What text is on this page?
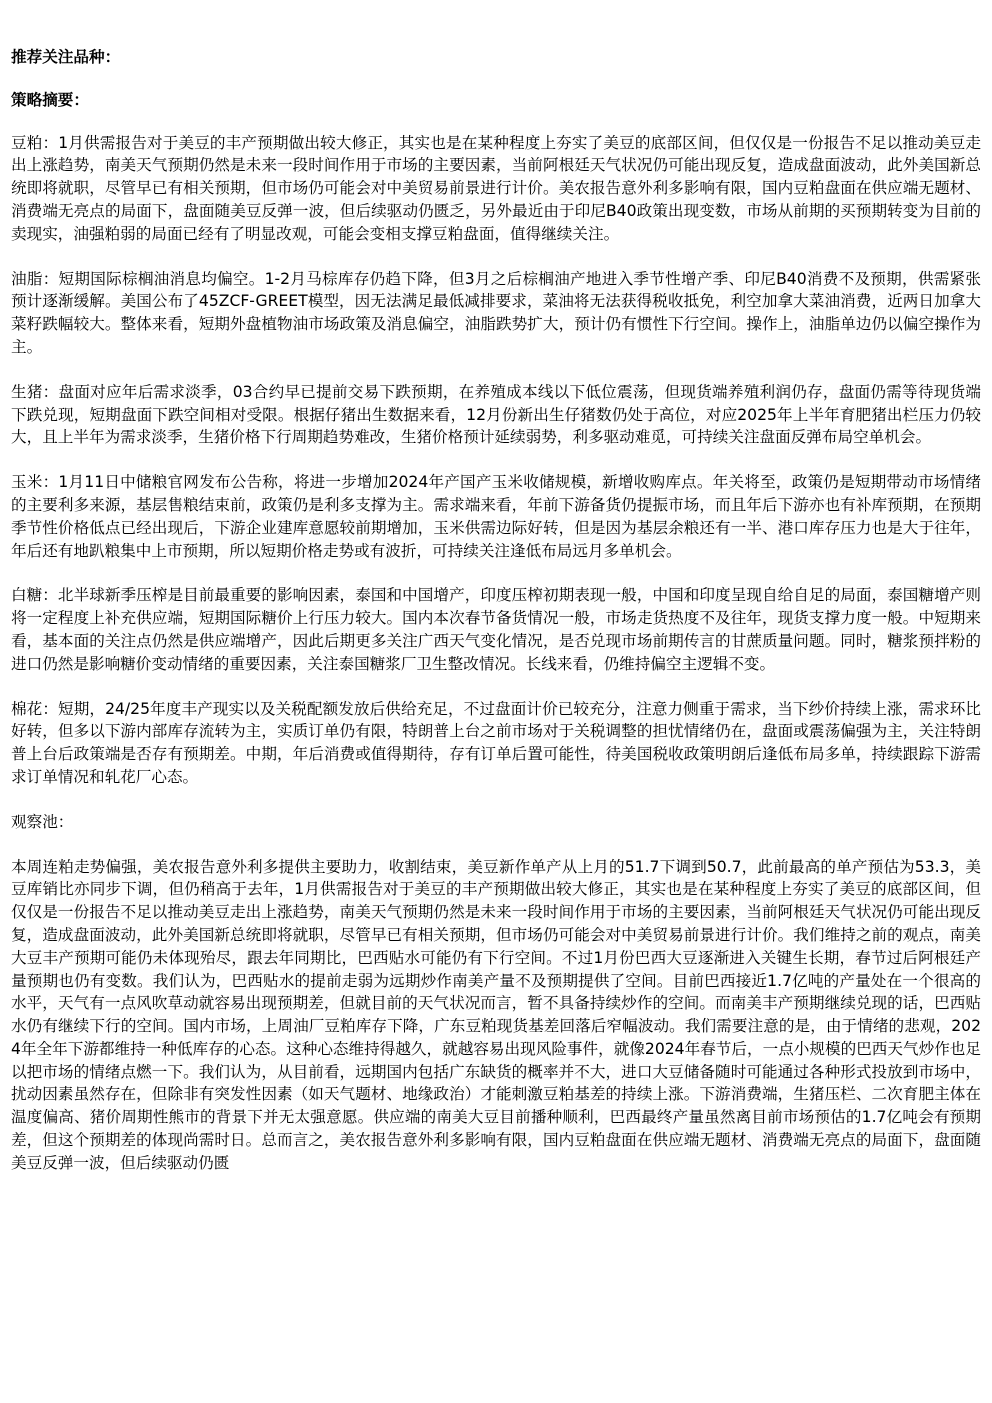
推荐关注品种：

策略摘要：

豆粕：1月供需报告对于美豆的丰产预期做出较大修正，其实也是在某种程度上夯实了美豆的底部区间，但仅仅是一份报告不足以推动美豆走出上涨趋势，南美天气预期仍然是未来一段时间作用于市场的主要因素，当前阿根廷天气状况仍可能出现反复，造成盘面波动，此外美国新总统即将就职，尽管早已有相关预期，但市场仍可能会对中美贸易前景进行计价。美农报告意外利多影响有限，国内豆粕盘面在供应端无题材、消费端无亮点的局面下，盘面随美豆反弹一波，但后续驱动仍匮乏，另外最近由于印尼B40政策出现变数，市场从前期的买预期转变为目前的卖现实，油强粕弱的局面已经有了明显改观，可能会变相支撑豆粕盘面，值得继续关注。

油脂：短期国际棕榈油消息均偏空。1-2月马棕库存仍趋下降，但3月之后棕榈油产地进入季节性增产季、印尼B40消费不及预期，供需紧张预计逐渐缓解。美国公布了45ZCF-GREET模型，因无法满足最低减排要求，菜油将无法获得税收抵免，利空加拿大菜油消费，近两日加拿大菜籽跌幅较大。整体来看，短期外盘植物油市场政策及消息偏空，油脂跌势扩大，预计仍有惯性下行空间。操作上，油脂单边仍以偏空操作为主。

生猪：盘面对应年后需求淡季，03合约早已提前交易下跌预期，在养殖成本线以下低位震荡，但现货端养殖利润仍存，盘面仍需等待现货端下跌兑现，短期盘面下跌空间相对受限。根据仔猪出生数据来看，12月份新出生仔猪数仍处于高位，对应2025年上半年育肥猪出栏压力仍较大，且上半年为需求淡季，生猪价格下行周期趋势难改，生猪价格预计延续弱势，利多驱动难觅，可持续关注盘面反弹布局空单机会。

玉米：1月11日中储粮官网发布公告称，将进一步增加2024年产国产玉米收储规模，新增收购库点。年关将至，政策仍是短期带动市场情绪的主要利多来源，基层售粮结束前，政策仍是利多支撑为主。需求端来看，年前下游备货仍提振市场，而且年后下游亦也有补库预期，在预期季节性价格低点已经出现后，下游企业建库意愿较前期增加，玉米供需边际好转，但是因为基层余粮还有一半、港口库存压力也是大于往年，年后还有地趴粮集中上市预期，所以短期价格走势或有波折，可持续关注逢低布局远月多单机会。

白糖：北半球新季压榨是目前最重要的影响因素，泰国和中国增产，印度压榨初期表现一般，中国和印度呈现自给自足的局面，泰国糖增产则将一定程度上补充供应端，短期国际糖价上行压力较大。国内本次春节备货情况一般，市场走货热度不及往年，现货支撑力度一般。中短期来看，基本面的关注点仍然是供应端增产，因此后期更多关注广西天气变化情况，是否兑现市场前期传言的甘蔗质量问题。同时，糖浆预拌粉的进口仍然是影响糖价变动情绪的重要因素，关注泰国糖浆厂卫生整改情况。长线来看，仍维持偏空主逻辑不变。

棉花：短期，24/25年度丰产现实以及关税配额发放后供给充足，不过盘面计价已较充分，注意力侧重于需求，当下纱价持续上涨，需求环比好转，但多以下游内部库存流转为主，实质订单仍有限，特朗普上台之前市场对于关税调整的担忧情绪仍在，盘面或震荡偏强为主，关注特朗普上台后政策端是否存有预期差。中期，年后消费或值得期待，存有订单后置可能性，待美国税收政策明朗后逢低布局多单，持续跟踪下游需求订单情况和轧花厂心态。

观察池：

本周连粕走势偏强，美农报告意外利多提供主要助力，收割结束，美豆新作单产从上月的51.7下调到50.7，此前最高的单产预估为53.3，美豆库销比亦同步下调，但仍稍高于去年，1月供需报告对于美豆的丰产预期做出较大修正，其实也是在某种程度上夯实了美豆的底部区间，但仅仅是一份报告不足以推动美豆走出上涨趋势，南美天气预期仍然是未来一段时间作用于市场的主要因素，当前阿根廷天气状况仍可能出现反复，造成盘面波动，此外美国新总统即将就职，尽管早已有相关预期，但市场仍可能会对中美贸易前景进行计价。我们维持之前的观点，南美大豆丰产预期可能仍未体现殆尽，跟去年同期比，巴西贴水可能仍有下行空间。不过1月份巴西大豆逐渐进入关键生长期，春节过后阿根廷产量预期也仍有变数。我们认为，巴西贴水的提前走弱为远期炒作南美产量不及预期提供了空间。目前巴西接近1.7亿吨的产量处在一个很高的水平，天气有一点风吹草动就容易出现预期差，但就目前的天气状况而言，暂不具备持续炒作的空间。而南美丰产预期继续兑现的话，巴西贴水仍有继续下行的空间。国内市场，上周油厂豆粕库存下降，广东豆粕现货基差回落后窄幅波动。我们需要注意的是，由于情绪的悲观，2024年全年下游都维持一种低库存的心态。这种心态维持得越久，就越容易出现风险事件，就像2024年春节后，一点小规模的巴西天气炒作也足以把市场的情绪点燃一下。我们认为，从目前看，远期国内包括广东缺货的概率并不大，进口大豆储备随时可能通过各种形式投放到市场中，扰动因素虽然存在，但除非有突发性因素（如天气题材、地缘政治）才能刺激豆粕基差的持续上涨。下游消费端，生猪压栏、二次育肥主体在温度偏高、猪价周期性熊市的背景下并无太强意愿。供应端的南美大豆目前播种顺利，巴西最终产量虽然离目前市场预估的1.7亿吨会有预期差，但这个预期差的体现尚需时日。总而言之，美农报告意外利多影响有限，国内豆粕盘面在供应端无题材、消费端无亮点的局面下，盘面随美豆反弹一波，但后续驱动仍匮
